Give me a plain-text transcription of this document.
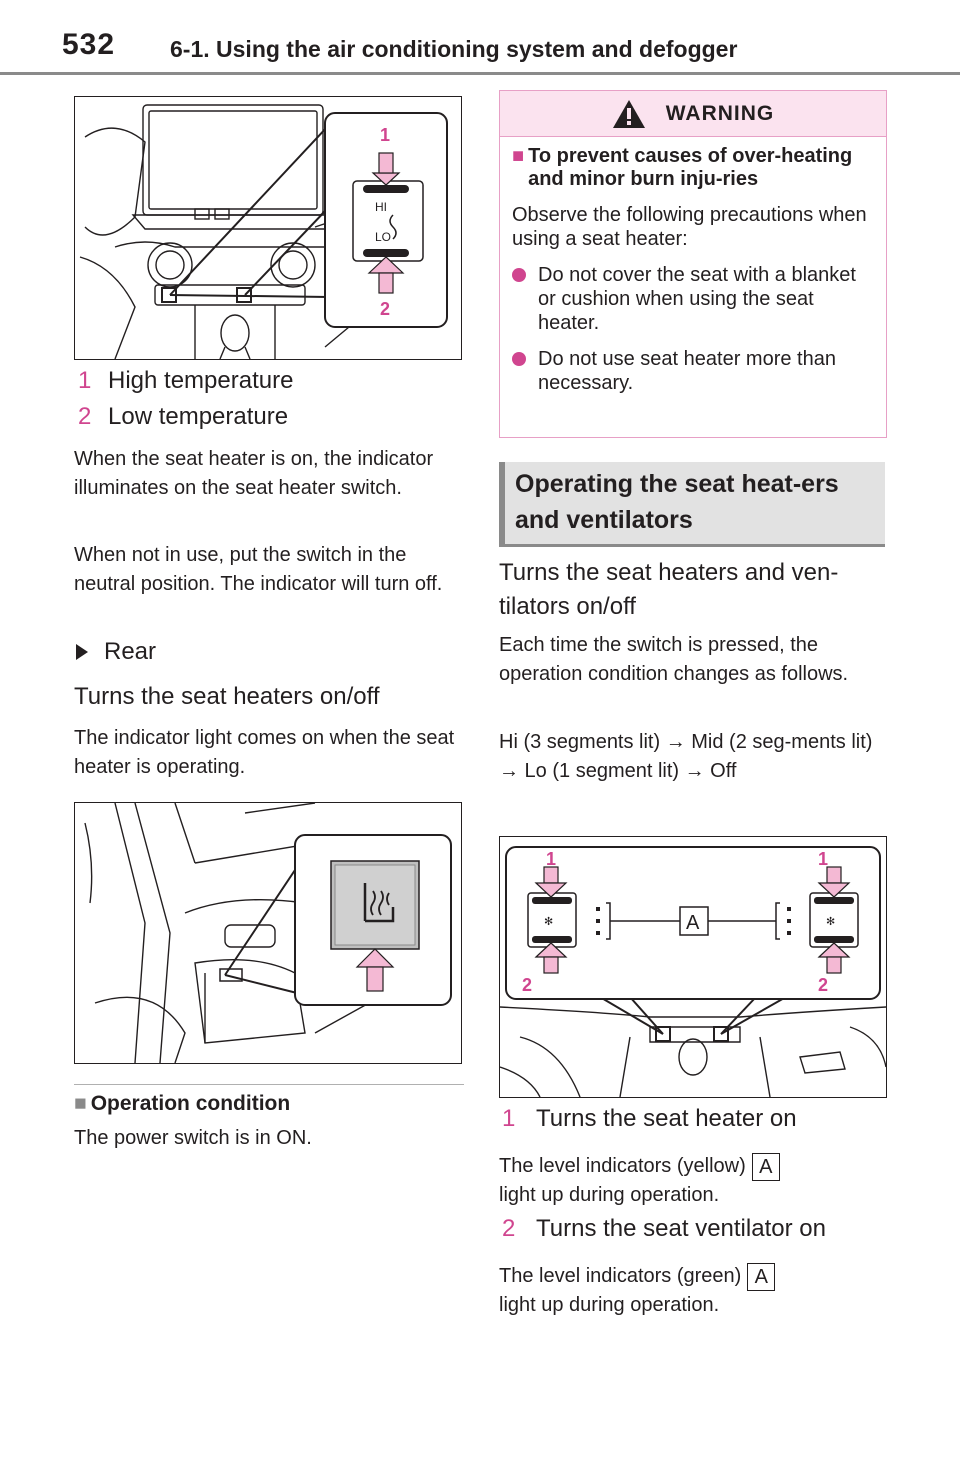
532 6-1. Using the air conditioning system and defogger
HI
LO
1
2
1 High temperature
2 Low temperature
When the seat heater is on, the indicator illuminates on the seat heater switch.
When not in use, put the switch in the neutral position. The indicator will turn off.
Rear
Turns the seat heaters on/off
The indicator light comes on when the seat heater is operating.
■ Operation condition
The power switch is in ON.
WARNING
■ To prevent causes of over-heating and minor burn inju-ries
Observe the following precautions when using a seat heater:
Do not cover the seat with a blanket or cushion when using the seat heater.
Do not use seat heater more than necessary.
Operating the seat heat-ers and ventilators
Turns the seat heaters and ven-tilators on/off
Each time the switch is pressed, the operation condition changes as follows.
Hi (3 segments lit) → Mid (2 seg-ments lit) → Lo (1 segment lit) → Off
✻	A	✻
1	1
2	2
1 Turns the seat heater on
The level indicators (yellow) A
light up during operation.
2 Turns the seat ventilator on
The level indicators (green) A
light up during operation.
